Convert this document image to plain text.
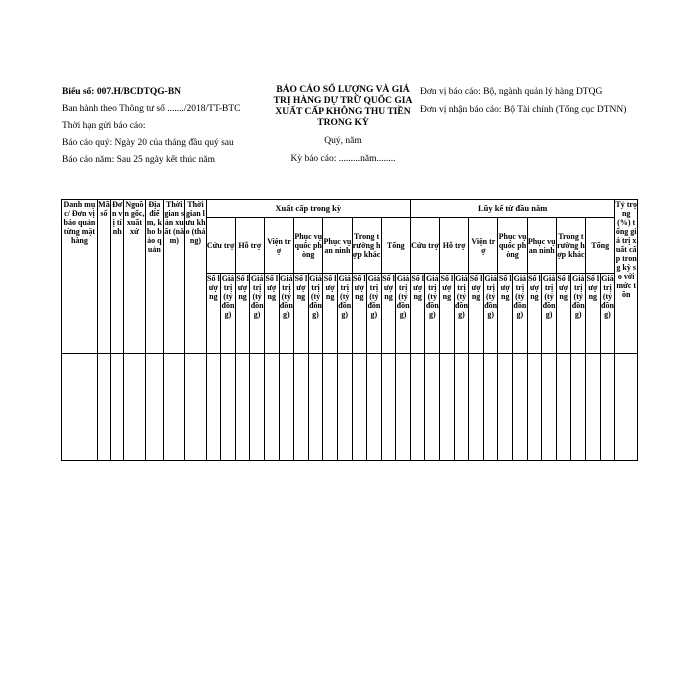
Biểu số: 007.H/BCDTQG-BN
Ban hành theo Thông tư số ......./2018/TT-BTC
Thời hạn gửi báo cáo:
Báo cáo quý: Ngày 20 của tháng đầu quý sau
Báo cáo năm: Sau 25 ngày kết thúc năm
BÁO CÁO SỐ LƯỢNG VÀ GIÁ TRỊ HÀNG DỰ TRỮ QUỐC GIA XUẤT CẤP KHÔNG THU TIỀN TRONG KỲ
Quý, năm
Kỳ báo cáo: .........năm........
Đơn vị báo cáo: Bộ, ngành quản lý hàng DTQG
Đơn vị nhận báo cáo: Bộ Tài chính (Tổng cục DTNN)
Danh mục/ Đơn vị báo quản từng mặt hàng	Mã số	Đơn vị tính	Nguồn gốc, xuất xứ	Địa điểm, kho bảo quản	Thời gian sản xuất (năm)	Thời gian lưu kho (tháng)	Xuất cấp trong kỳ														Lũy kế từ đầu năm														Tỷ trọng (%) tổng giá trị xuất cấp trong kỳ so với mức tồn
							Cứu trợ		Hỗ trợ		Viện trợ		Phục vụ quốc phòng		Phục vụ an ninh		Trong trường hợp khác		Tổng		Cứu trợ		Hỗ trợ		Viện trợ		Phục vụ quốc phòng		Phục vụ an ninh		Trong trường hợp khác		Tổng		
							Số lượng	Giá trị (tỷ đồng)	Số lượng	Giá trị (tỷ đồng)	Số lượng	Giá trị (tỷ đồng)	Số lượng	Giá trị (tỷ đồng)	Số lượng	Giá trị (tỷ đồng)	Số lượng	Giá trị (tỷ đồng)	Số lượng	Giá trị (tỷ đồng)	Số lượng	Giá trị (tỷ đồng)	Số lượng	Giá trị (tỷ đồng)	Số lượng	Giá trị (tỷ đồng)	Số lượng	Giá trị (tỷ đồng)	Số lượng	Giá trị (tỷ đồng)	Số lượng	Giá trị (tỷ đồng)	Số lượng	Giá trị (tỷ đồng)	
